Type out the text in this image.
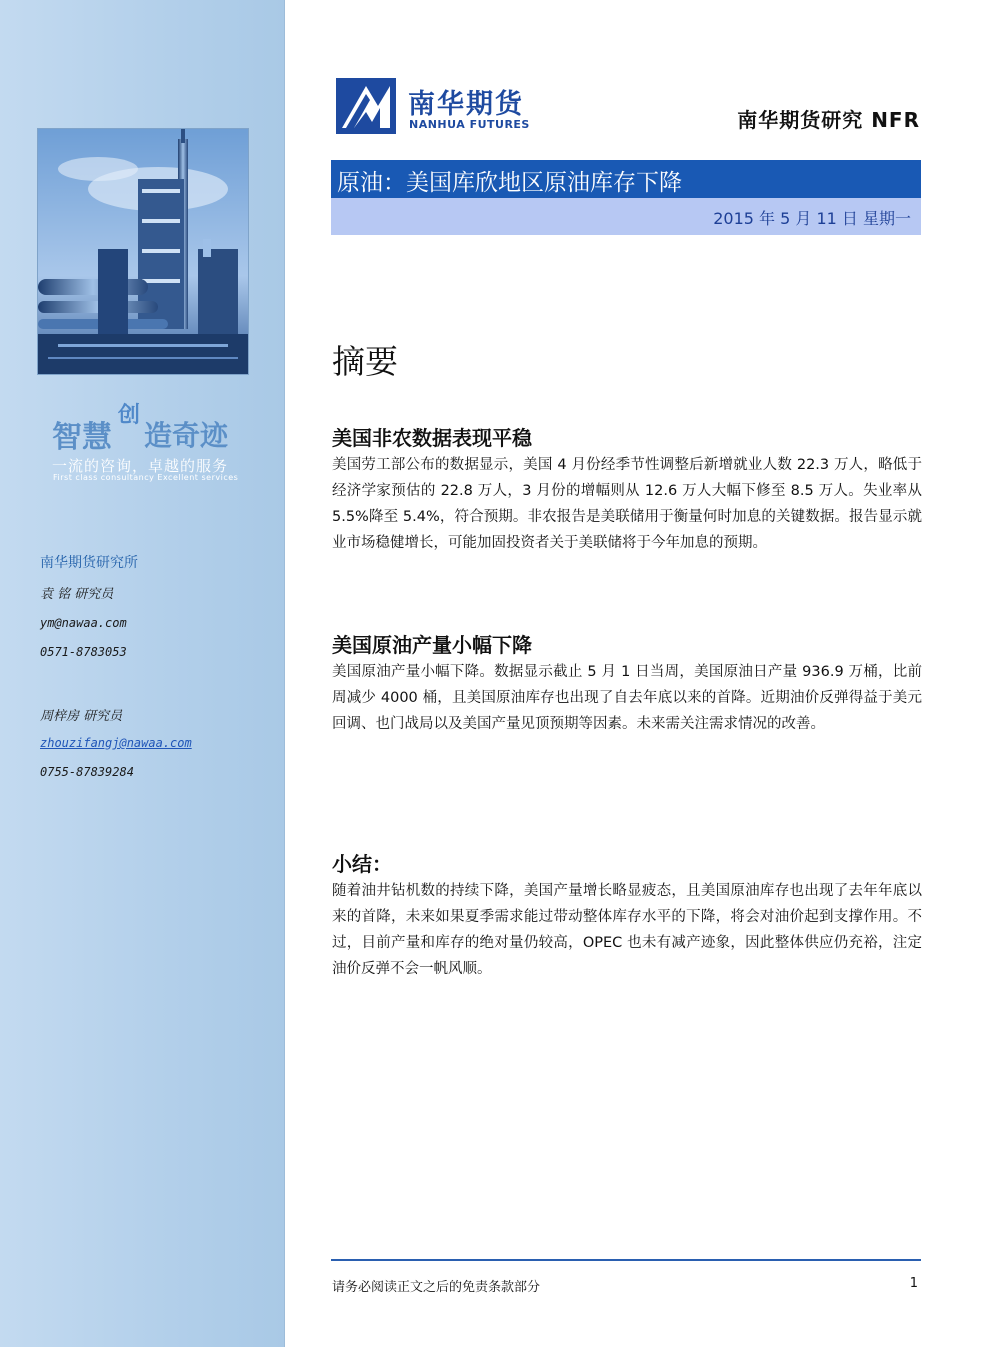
智慧
创
造奇迹
一流的咨询，卓越的服务
First class consultancy Excellent services
南华期货研究所
袁 铭 研究员
ym@nawaa.com
0571-8783053
周梓房 研究员
zhouzifangj@nawaa.com
0755-87839284
南华期货
NANHUA FUTURES	南华期货研究 NFR
原油：美国库欣地区原油库存下降
2015 年 5 月 11 日 星期一
摘要
美国非农数据表现平稳
美国劳工部公布的数据显示，美国 4 月份经季节性调整后新增就业人数 22.3 万人，略低于经济学家预估的 22.8 万人，3 月份的增幅则从 12.6 万人大幅下修至 8.5 万人。失业率从 5.5%降至 5.4%，符合预期。非农报告是美联储用于衡量何时加息的关键数据。报告显示就业市场稳健增长，可能加固投资者关于美联储将于今年加息的预期。
美国原油产量小幅下降
美国原油产量小幅下降。数据显示截止 5 月 1 日当周，美国原油日产量 936.9 万桶，比前周减少 4000 桶，且美国原油库存也出现了自去年底以来的首降。近期油价反弹得益于美元回调、也门战局以及美国产量见顶预期等因素。未来需关注需求情况的改善。
小结：
随着油井钻机数的持续下降，美国产量增长略显疲态，且美国原油库存也出现了去年年底以来的首降，未来如果夏季需求能过带动整体库存水平的下降，将会对油价起到支撑作用。不过，目前产量和库存的绝对量仍较高，OPEC 也未有减产迹象，因此整体供应仍充裕，注定油价反弹不会一帆风顺。
请务必阅读正文之后的免责条款部分	1
